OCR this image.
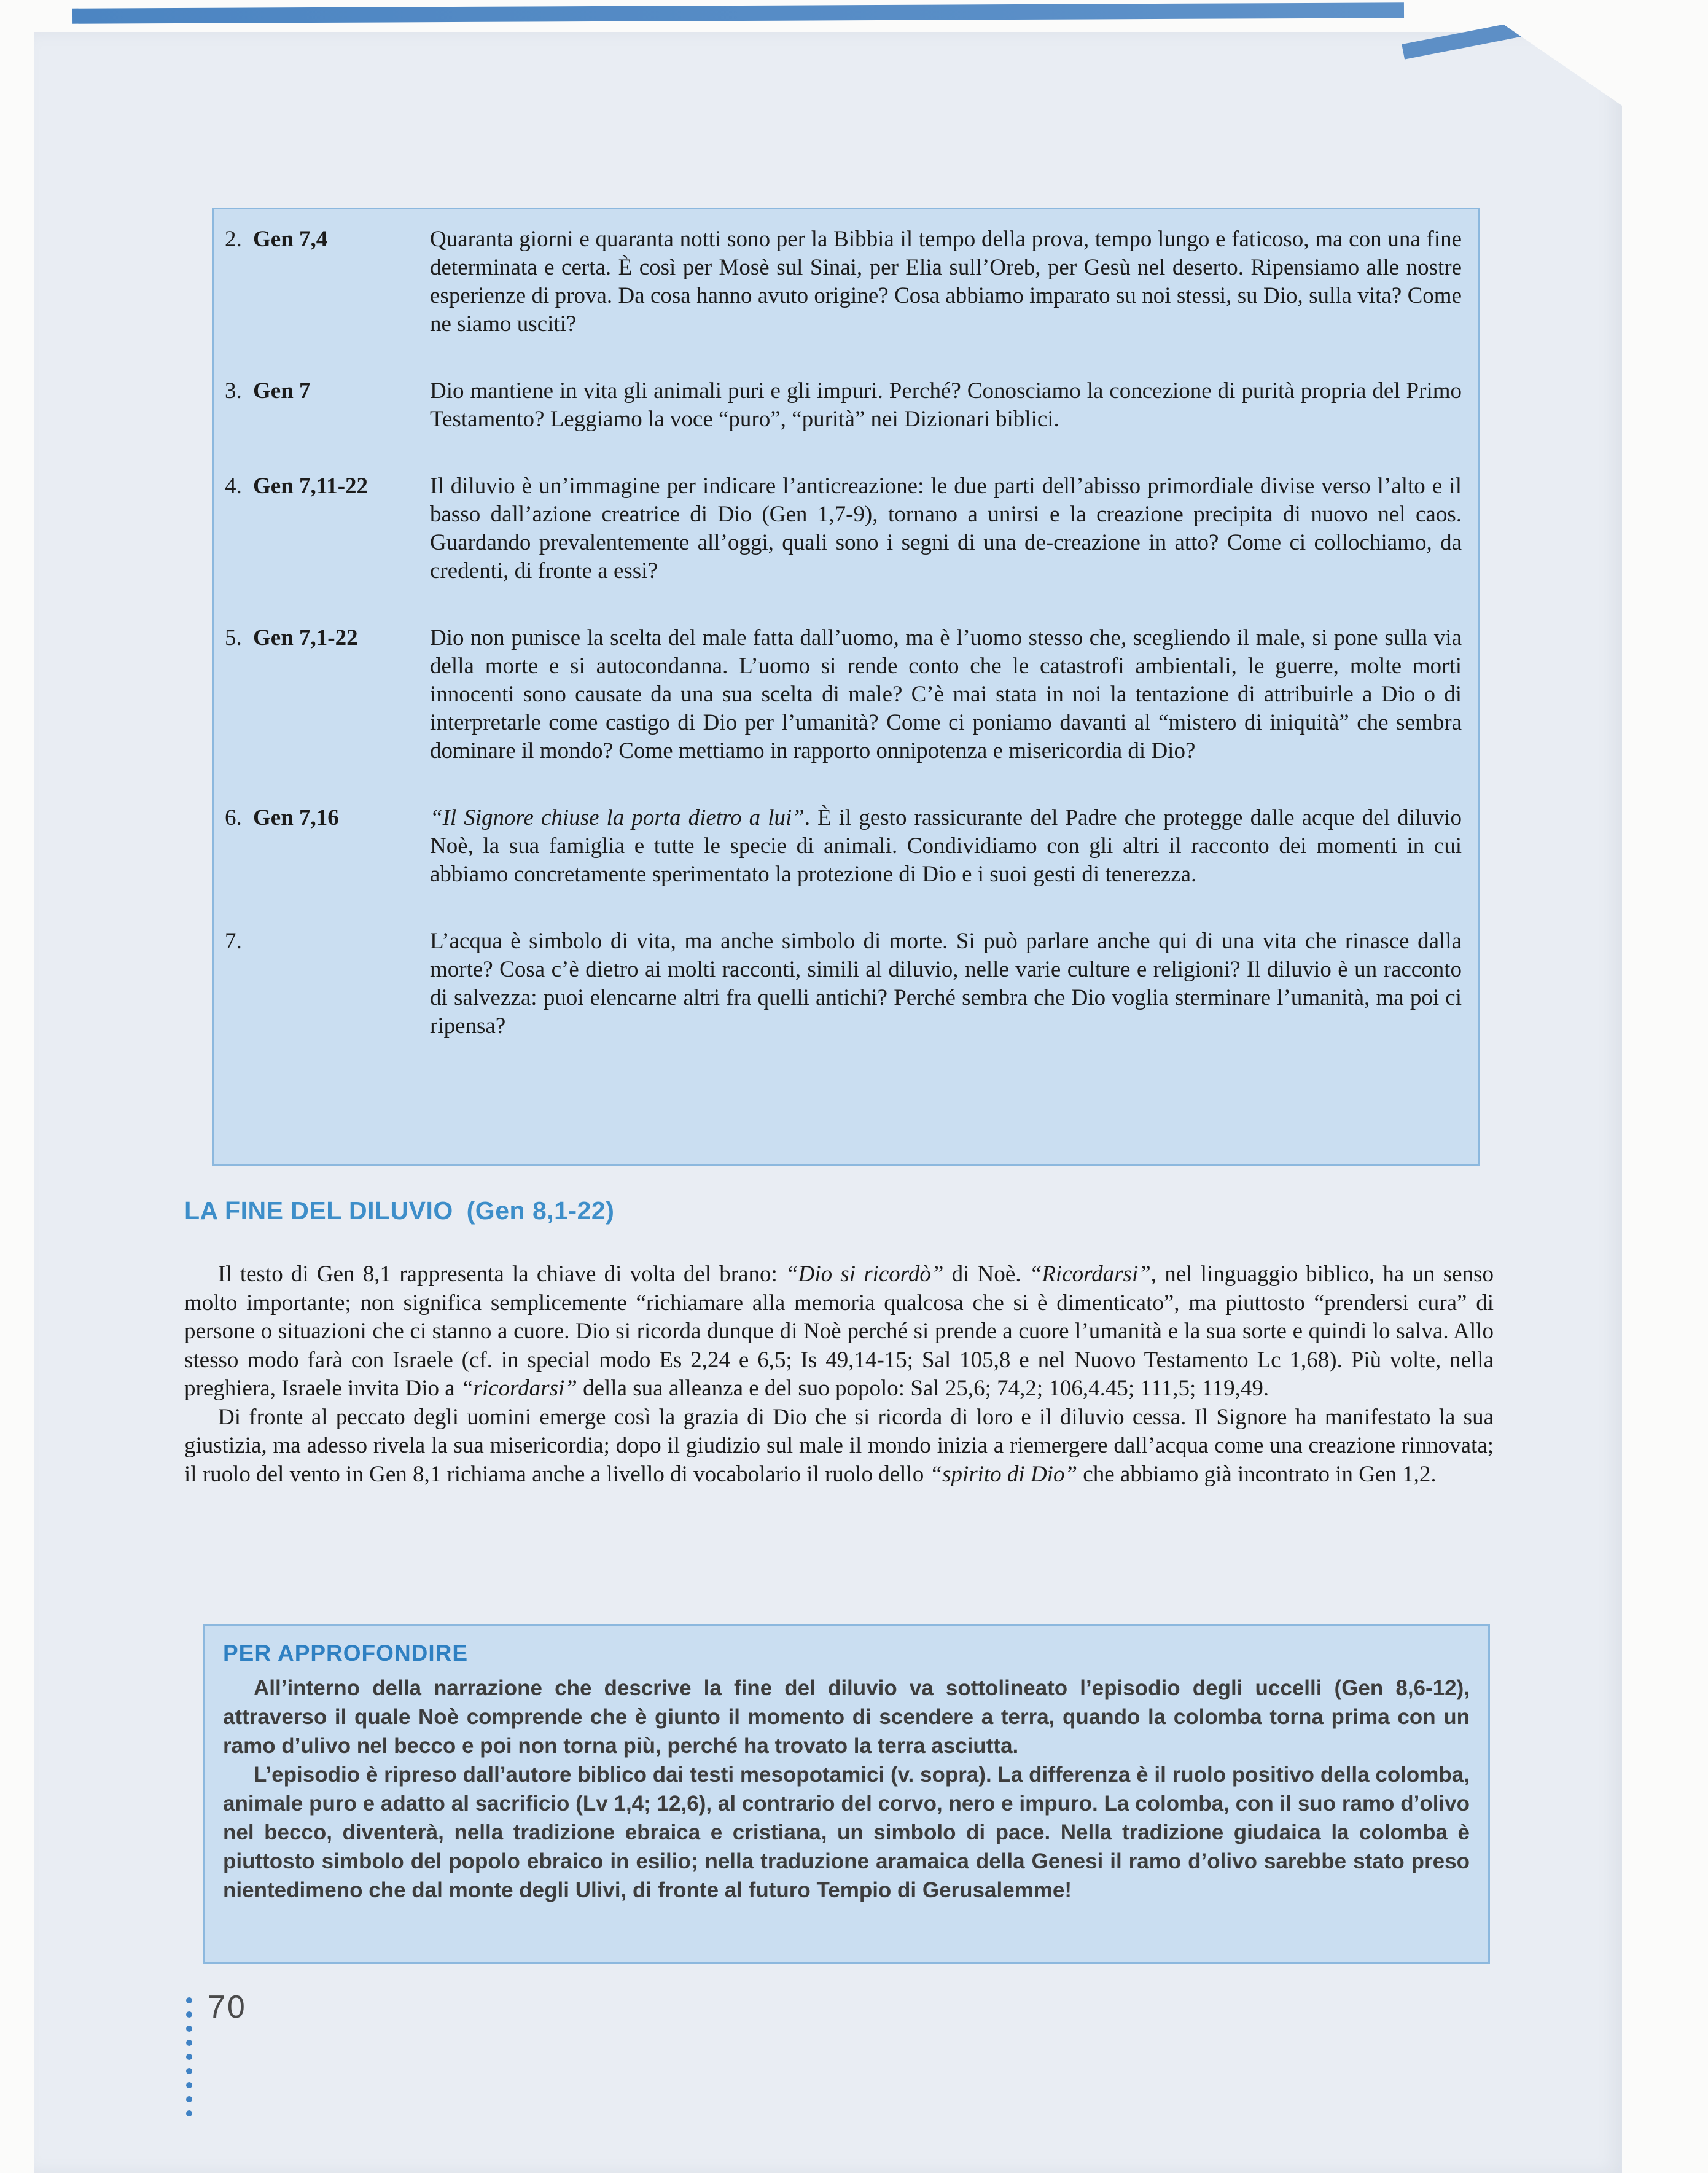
2. Gen 7,4	Quaranta giorni e quaranta notti sono per la Bibbia il tempo della prova, tempo lungo e faticoso, ma con una fine determinata e certa. È così per Mosè sul Sinai, per Elia sull’Oreb, per Gesù nel deserto. Ripensiamo alle nostre esperienze di prova. Da cosa hanno avuto origine? Cosa abbiamo imparato su noi stessi, su Dio, sulla vita? Come ne siamo usciti?
3. Gen 7	Dio mantiene in vita gli animali puri e gli impuri. Perché? Conosciamo la concezione di purità propria del Primo Testamento? Leggiamo la voce “puro”, “purità” nei Dizionari biblici.
4. Gen 7,11-22	Il diluvio è un’immagine per indicare l’anticreazione: le due parti dell’abisso primordiale divise verso l’alto e il basso dall’azione creatrice di Dio (Gen 1,7-9), tornano a unirsi e la creazione precipita di nuovo nel caos. Guardando prevalentemente all’oggi, quali sono i segni di una de-creazione in atto? Come ci collochiamo, da credenti, di fronte a essi?
5. Gen 7,1-22	Dio non punisce la scelta del male fatta dall’uomo, ma è l’uomo stesso che, scegliendo il male, si pone sulla via della morte e si autocondanna. L’uomo si rende conto che le catastrofi ambientali, le guerre, molte morti innocenti sono causate da una sua scelta di male? C’è mai stata in noi la tentazione di attribuirle a Dio o di interpretarle come castigo di Dio per l’umanità? Come ci poniamo davanti al “mistero di iniquità” che sembra dominare il mondo? Come mettiamo in rapporto onnipotenza e misericordia di Dio?
6. Gen 7,16	“Il Signore chiuse la porta dietro a lui”. È il gesto rassicurante del Padre che protegge dalle acque del diluvio Noè, la sua famiglia e tutte le specie di animali. Condividiamo con gli altri il racconto dei momenti in cui abbiamo concretamente sperimentato la protezione di Dio e i suoi gesti di tenerezza.
7.	L’acqua è simbolo di vita, ma anche simbolo di morte. Si può parlare anche qui di una vita che rinasce dalla morte? Cosa c’è dietro ai molti racconti, simili al diluvio, nelle varie culture e religioni? Il diluvio è un racconto di salvezza: puoi elencarne altri fra quelli antichi? Perché sembra che Dio voglia sterminare l’umanità, ma poi ci ripensa?
LA FINE DEL DILUVIO (Gen 8,1-22)

Il testo di Gen 8,1 rappresenta la chiave di volta del brano: “Dio si ricordò” di Noè. “Ricordarsi”, nel linguaggio biblico, ha un senso molto importante; non significa semplicemente “richiamare alla memoria qualcosa che si è dimenticato”, ma piuttosto “prendersi cura” di persone o situazioni che ci stanno a cuore. Dio si ricorda dunque di Noè perché si prende a cuore l’umanità e la sua sorte e quindi lo salva. Allo stesso modo farà con Israele (cf. in special modo Es 2,24 e 6,5; Is 49,14-15; Sal 105,8 e nel Nuovo Testamento Lc 1,68). Più volte, nella preghiera, Israele invita Dio a “ricordarsi” della sua alleanza e del suo popolo: Sal 25,6; 74,2; 106,4.45; 111,5; 119,49.

Di fronte al peccato degli uomini emerge così la grazia di Dio che si ricorda di loro e il diluvio cessa. Il Signore ha manifestato la sua giustizia, ma adesso rivela la sua misericordia; dopo il giudizio sul male il mondo inizia a riemergere dall’acqua come una creazione rinnovata; il ruolo del vento in Gen 8,1 richiama anche a livello di vocabolario il ruolo dello “spirito di Dio” che abbiamo già incontrato in Gen 1,2.

PER APPROFONDIRE

All’interno della narrazione che descrive la fine del diluvio va sottolineato l’episodio degli uccelli (Gen 8,6-12), attraverso il quale Noè comprende che è giunto il momento di scendere a terra, quando la colomba torna prima con un ramo d’ulivo nel becco e poi non torna più, perché ha trovato la terra asciutta.

L’episodio è ripreso dall’autore biblico dai testi mesopotamici (v. sopra). La differenza è il ruolo positivo della colomba, animale puro e adatto al sacrificio (Lv 1,4; 12,6), al contrario del corvo, nero e impuro. La colomba, con il suo ramo d’olivo nel becco, diventerà, nella tradizione ebraica e cristiana, un simbolo di pace. Nella tradizione giudaica la colomba è piuttosto simbolo del popolo ebraico in esilio; nella traduzione aramaica della Genesi il ramo d’olivo sarebbe stato preso nientedimeno che dal monte degli Ulivi, di fronte al futuro Tempio di Gerusalemme!

70
